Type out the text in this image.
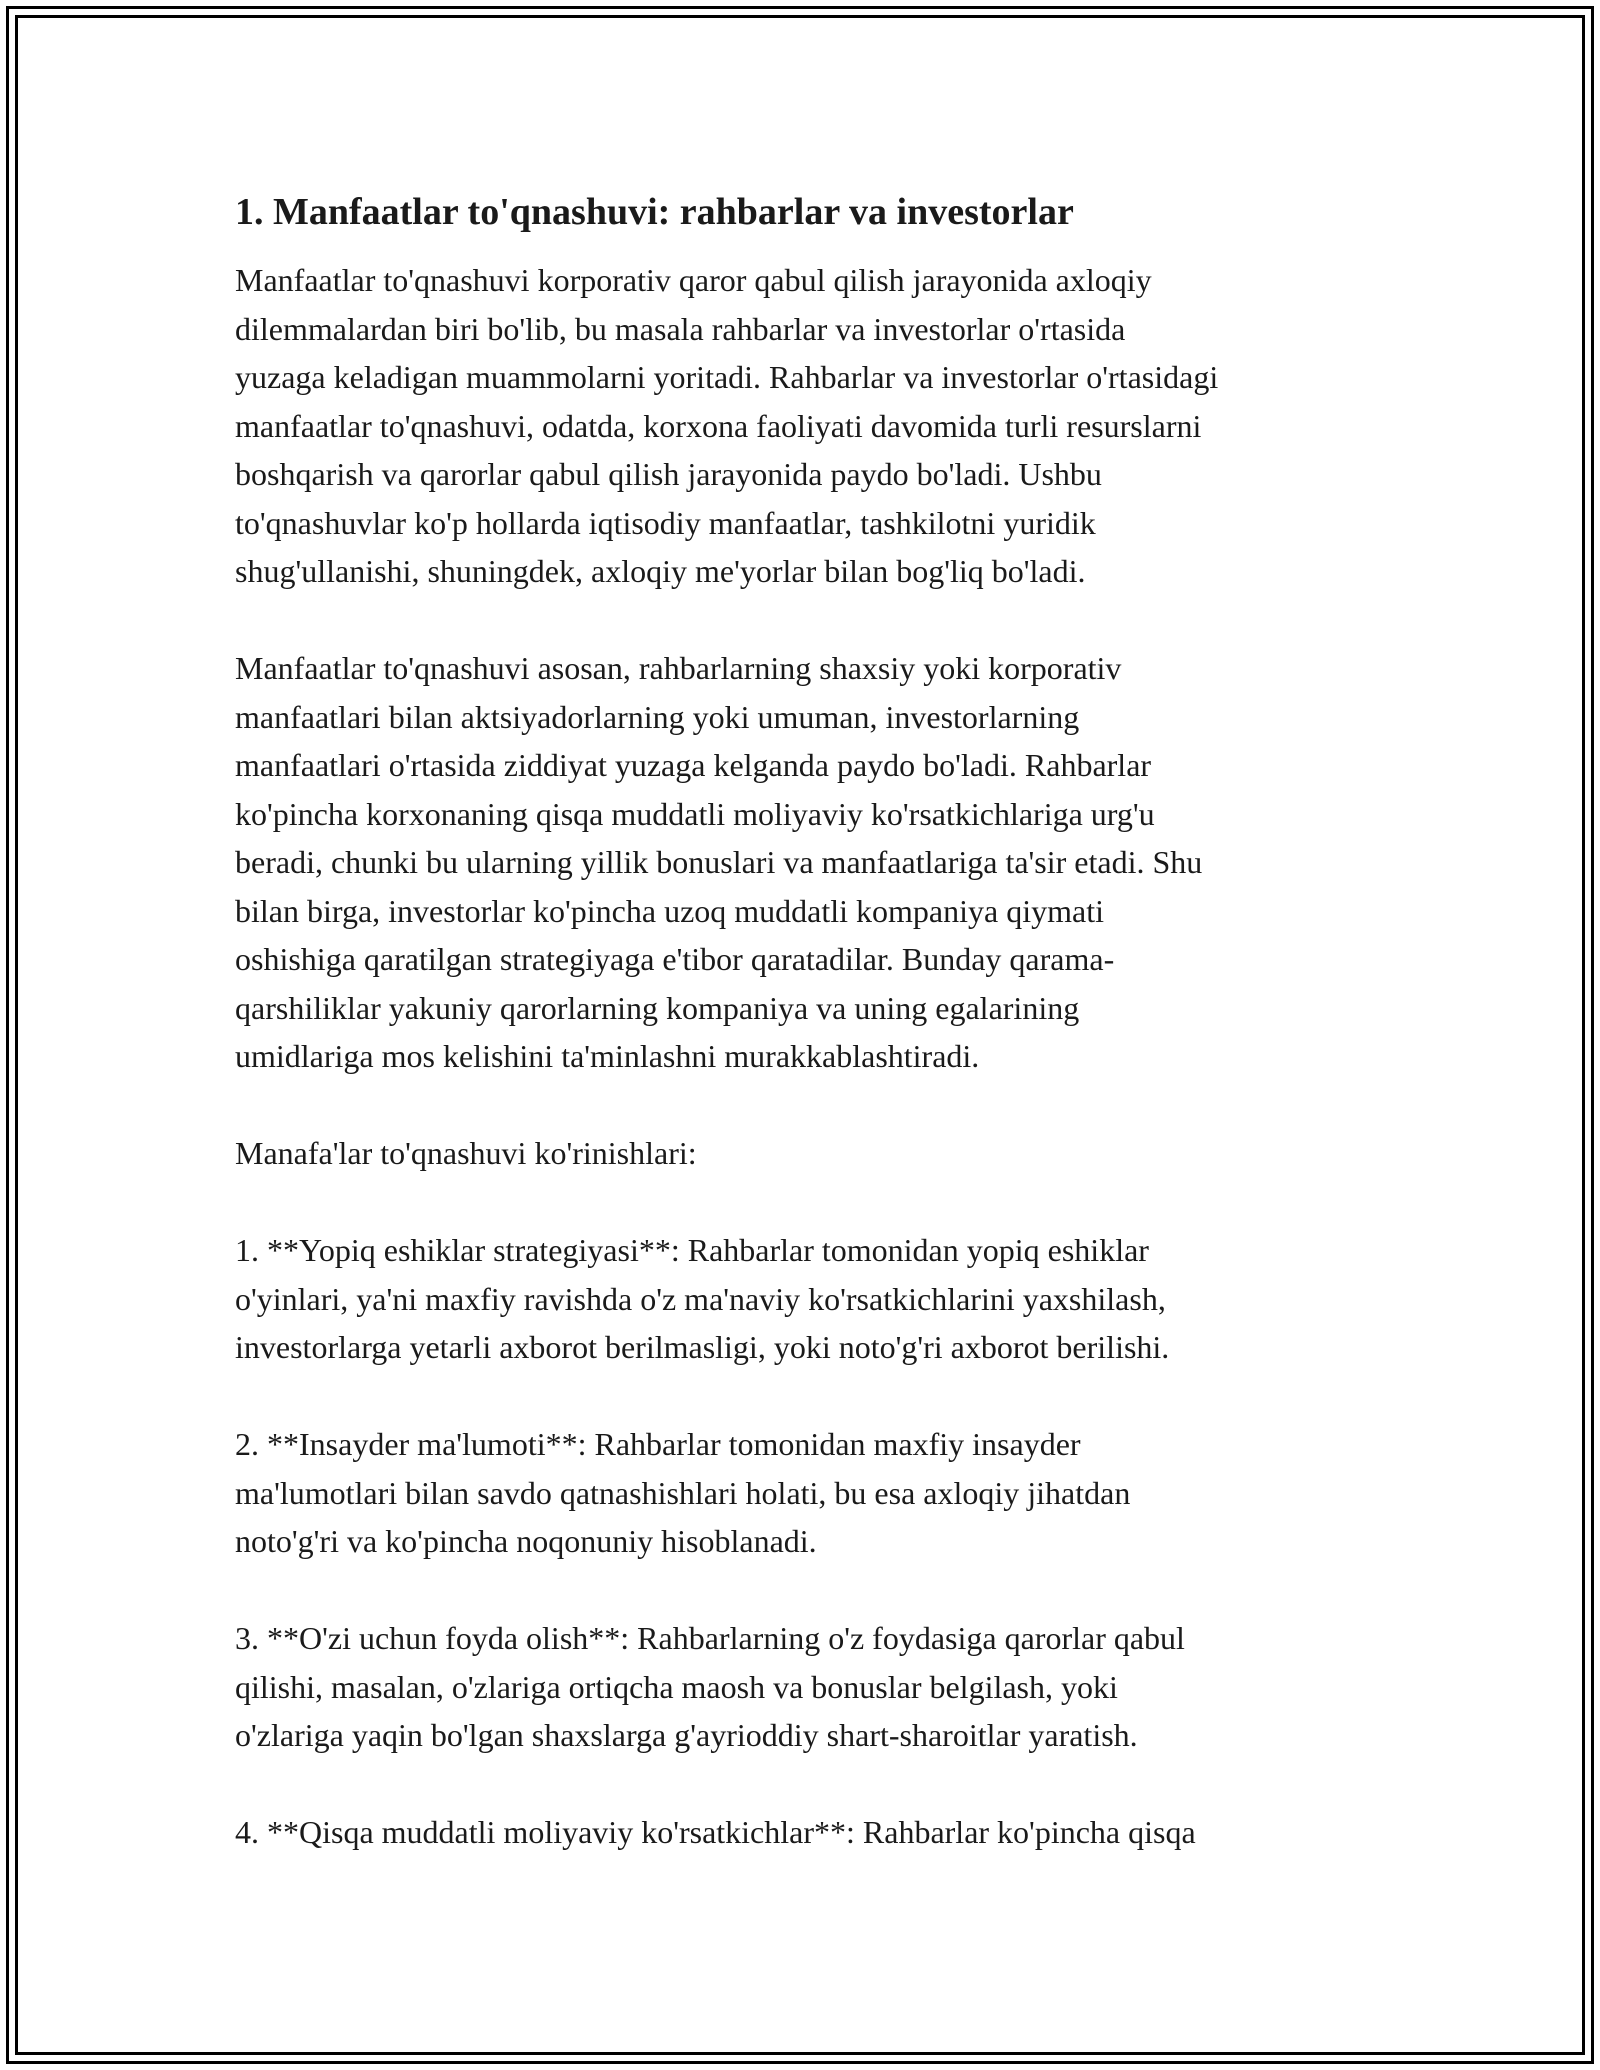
1. Manfaatlar to'qnashuvi: rahbarlar va investorlar

Manfaatlar to'qnashuvi korporativ qaror qabul qilish jarayonida axloqiy
dilemmalardan biri bo'lib, bu masala rahbarlar va investorlar o'rtasida
yuzaga keladigan muammolarni yoritadi. Rahbarlar va investorlar o'rtasidagi
manfaatlar to'qnashuvi, odatda, korxona faoliyati davomida turli resurslarni
boshqarish va qarorlar qabul qilish jarayonida paydo bo'ladi. Ushbu
to'qnashuvlar ko'p hollarda iqtisodiy manfaatlar, tashkilotni yuridik
shug'ullanishi, shuningdek, axloqiy me'yorlar bilan bog'liq bo'ladi.

Manfaatlar to'qnashuvi asosan, rahbarlarning shaxsiy yoki korporativ
manfaatlari bilan aktsiyadorlarning yoki umuman, investorlarning
manfaatlari o'rtasida ziddiyat yuzaga kelganda paydo bo'ladi. Rahbarlar
ko'pincha korxonaning qisqa muddatli moliyaviy ko'rsatkichlariga urg'u
beradi, chunki bu ularning yillik bonuslari va manfaatlariga ta'sir etadi. Shu
bilan birga, investorlar ko'pincha uzoq muddatli kompaniya qiymati
oshishiga qaratilgan strategiyaga e'tibor qaratadilar. Bunday qarama-
qarshiliklar yakuniy qarorlarning kompaniya va uning egalarining
umidlariga mos kelishini ta'minlashni murakkablashtiradi.

Manafa'lar to'qnashuvi ko'rinishlari:

1. **Yopiq eshiklar strategiyasi**: Rahbarlar tomonidan yopiq eshiklar
o'yinlari, ya'ni maxfiy ravishda o'z ma'naviy ko'rsatkichlarini yaxshilash,
investorlarga yetarli axborot berilmasligi, yoki noto'g'ri axborot berilishi.

2. **Insayder ma'lumoti**: Rahbarlar tomonidan maxfiy insayder
ma'lumotlari bilan savdo qatnashishlari holati, bu esa axloqiy jihatdan
noto'g'ri va ko'pincha noqonuniy hisoblanadi.

3. **O'zi uchun foyda olish**: Rahbarlarning o'z foydasiga qarorlar qabul
qilishi, masalan, o'zlariga ortiqcha maosh va bonuslar belgilash, yoki
o'zlariga yaqin bo'lgan shaxslarga g'ayrioddiy shart-sharoitlar yaratish.

4. **Qisqa muddatli moliyaviy ko'rsatkichlar**: Rahbarlar ko'pincha qisqa
